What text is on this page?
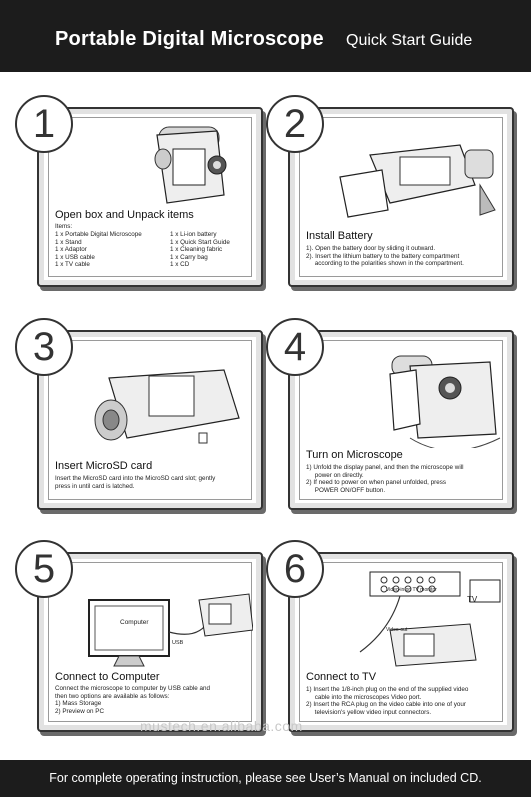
Portable Digital Microscope Quick Start Guide
1
Open box and Unpack items
Items:
1 x Portable Digital Microscope
1 x Stand
1 x Adaptor
1 x USB cable
1 x TV cable
1 x Li-ion battery
1 x Quick Start Guide
1 x Cleaning fabric
1 x Carry bag
1 x CD
2
Install Battery
1). Open the battery door by sliding it outward.
2). Insert the lithium battery to the battery compartment
according to the polarities shown in the compartment.
3
Insert MicroSD card
Insert the MicroSD card into the MicroSD card slot; gently
press in until card is latched.
4
Turn on Microscope
1) Unfold the display panel, and then the microscope will
power on directly.
2) If need to power on when panel unfolded, press
POWER ON/OFF button.
5
Computer
USB
Connect to Computer
Connect the microscope to computer by USB cable and
then two options are available as follows:
1) Mass Storage
2) Preview on PC
6	Video-in on TV monitor
Video-out
TV
Connect to TV
1) Insert the 1/8-inch plug on the end of the supplied video
cable into the microscopes Video port.
2) Insert the RCA plug on the video cable into one of your
television's yellow video input connectors.
mustech.en.alibaba.com
For complete operating instruction, please see User’s Manual on included CD.
